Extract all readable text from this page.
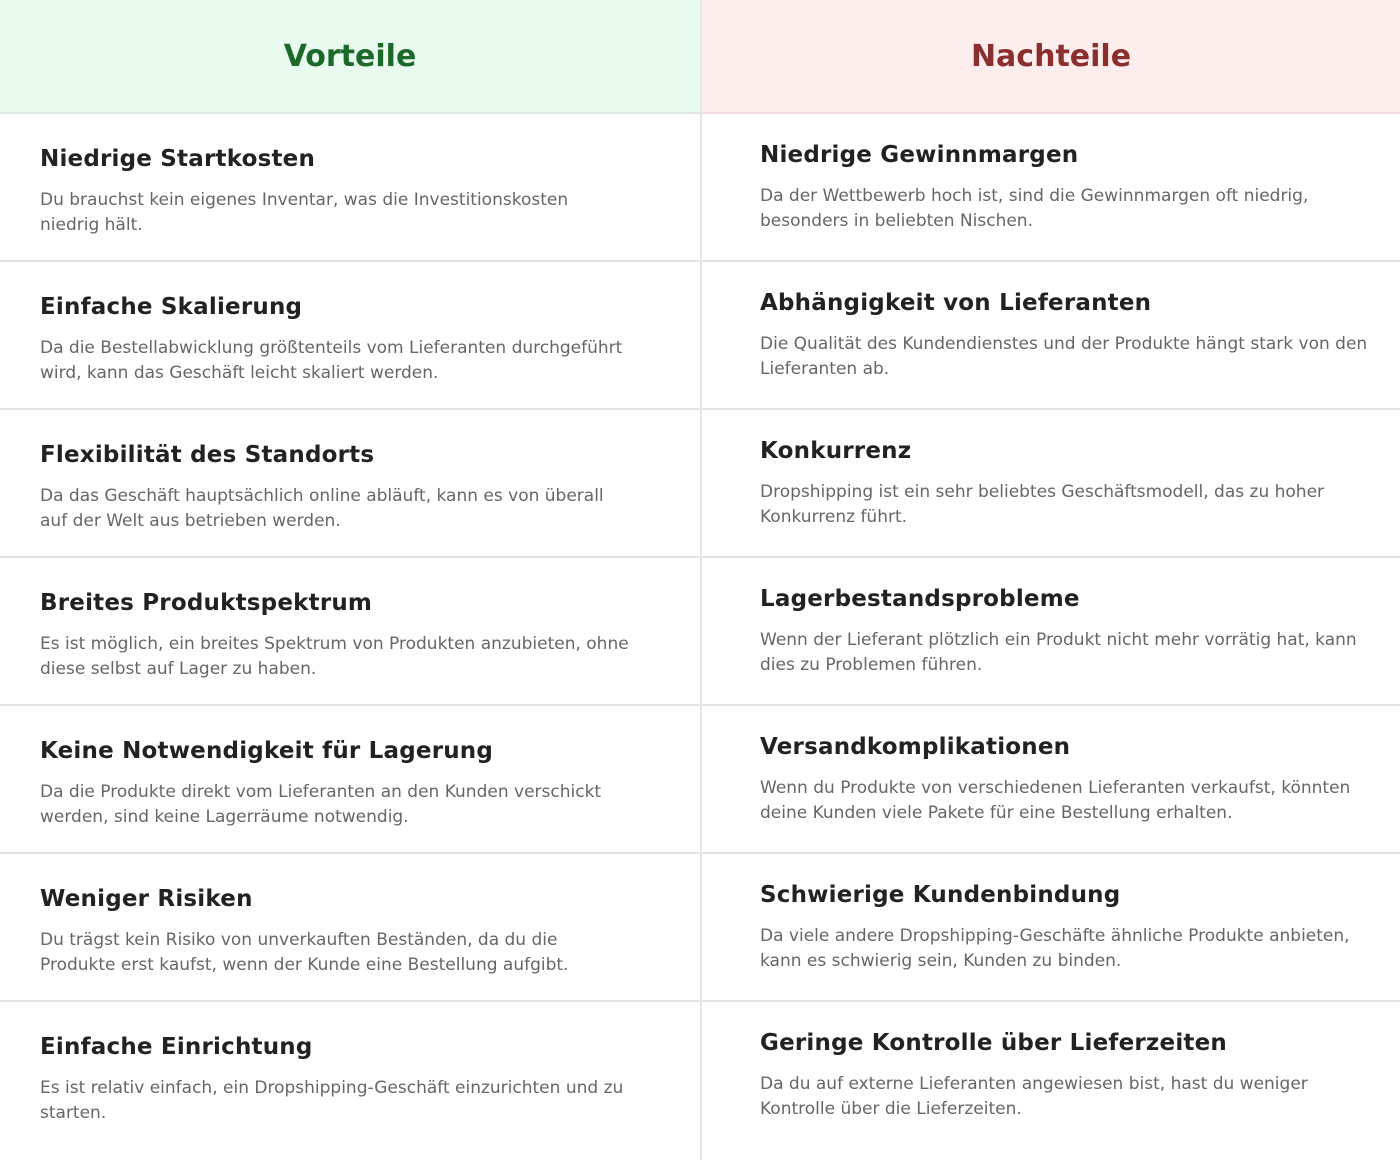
Vorteile	Nachteile
Niedrige Startkosten

Du brauchst kein eigenes Inventar, was die Investitionskosten niedrig hält.

Niedrige Gewinnmargen

Da der Wettbewerb hoch ist, sind die Gewinnmargen oft niedrig, besonders in beliebten Nischen.

Einfache Skalierung

Da die Bestellabwicklung größtenteils vom Lieferanten durchgeführt wird, kann das Geschäft leicht skaliert werden.

Abhängigkeit von Lieferanten

Die Qualität des Kundendienstes und der Produkte hängt stark von den Lieferanten ab.

Flexibilität des Standorts

Da das Geschäft hauptsächlich online abläuft, kann es von überall auf der Welt aus betrieben werden.

Konkurrenz

Dropshipping ist ein sehr beliebtes Geschäftsmodell, das zu hoher Konkurrenz führt.

Breites Produktspektrum

Es ist möglich, ein breites Spektrum von Produkten anzubieten, ohne diese selbst auf Lager zu haben.

Lagerbestandsprobleme

Wenn der Lieferant plötzlich ein Produkt nicht mehr vorrätig hat, kann dies zu Problemen führen.

Keine Notwendigkeit für Lagerung

Da die Produkte direkt vom Lieferanten an den Kunden verschickt werden, sind keine Lagerräume notwendig.

Versandkomplikationen

Wenn du Produkte von verschiedenen Lieferanten verkaufst, könnten deine Kunden viele Pakete für eine Bestellung erhalten.

Weniger Risiken

Du trägst kein Risiko von unverkauften Beständen, da du die Produkte erst kaufst, wenn der Kunde eine Bestellung aufgibt.

Schwierige Kundenbindung

Da viele andere Dropshipping-Geschäfte ähnliche Produkte anbieten, kann es schwierig sein, Kunden zu binden.

Einfache Einrichtung

Es ist relativ einfach, ein Dropshipping-Geschäft einzurichten und zu starten.

Geringe Kontrolle über Lieferzeiten

Da du auf externe Lieferanten angewiesen bist, hast du weniger Kontrolle über die Lieferzeiten.
